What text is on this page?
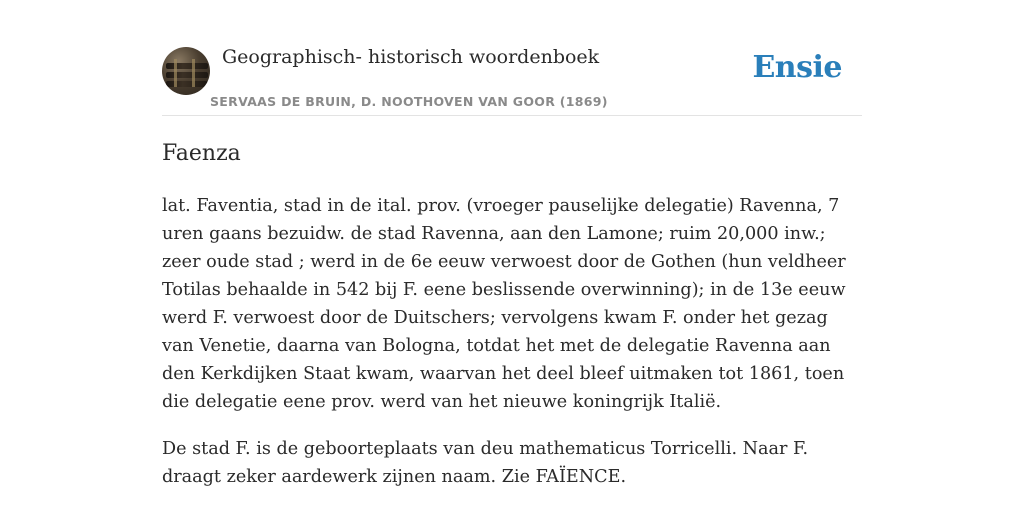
Geographisch- historisch woordenboek
SERVAAS DE BRUIN, D. NOOTHOVEN VAN GOOR (1869)
Ensie
Faenza

lat. Faventia, stad in de ital. prov. (vroeger pauselijke delegatie) Ravenna, 7 uren gaans bezuidw. de stad Ravenna, aan den Lamone; ruim 20,000 inw.; zeer oude stad ; werd in de 6e eeuw verwoest door de Gothen (hun veldheer Totilas behaalde in 542 bij F. eene beslissende overwinning); in de 13e eeuw werd F. verwoest door de Duitschers; vervolgens kwam F. onder het gezag van Venetie, daarna van Bologna, totdat het met de delegatie Ravenna aan den Kerkdijken Staat kwam, waarvan het deel bleef uitmaken tot 1861, toen die delegatie eene prov. werd van het nieuwe koningrijk Italië.

De stad F. is de geboorteplaats van deu mathematicus Torricelli. Naar F. draagt zeker aardewerk zijnen naam. Zie FAÏENCE.
